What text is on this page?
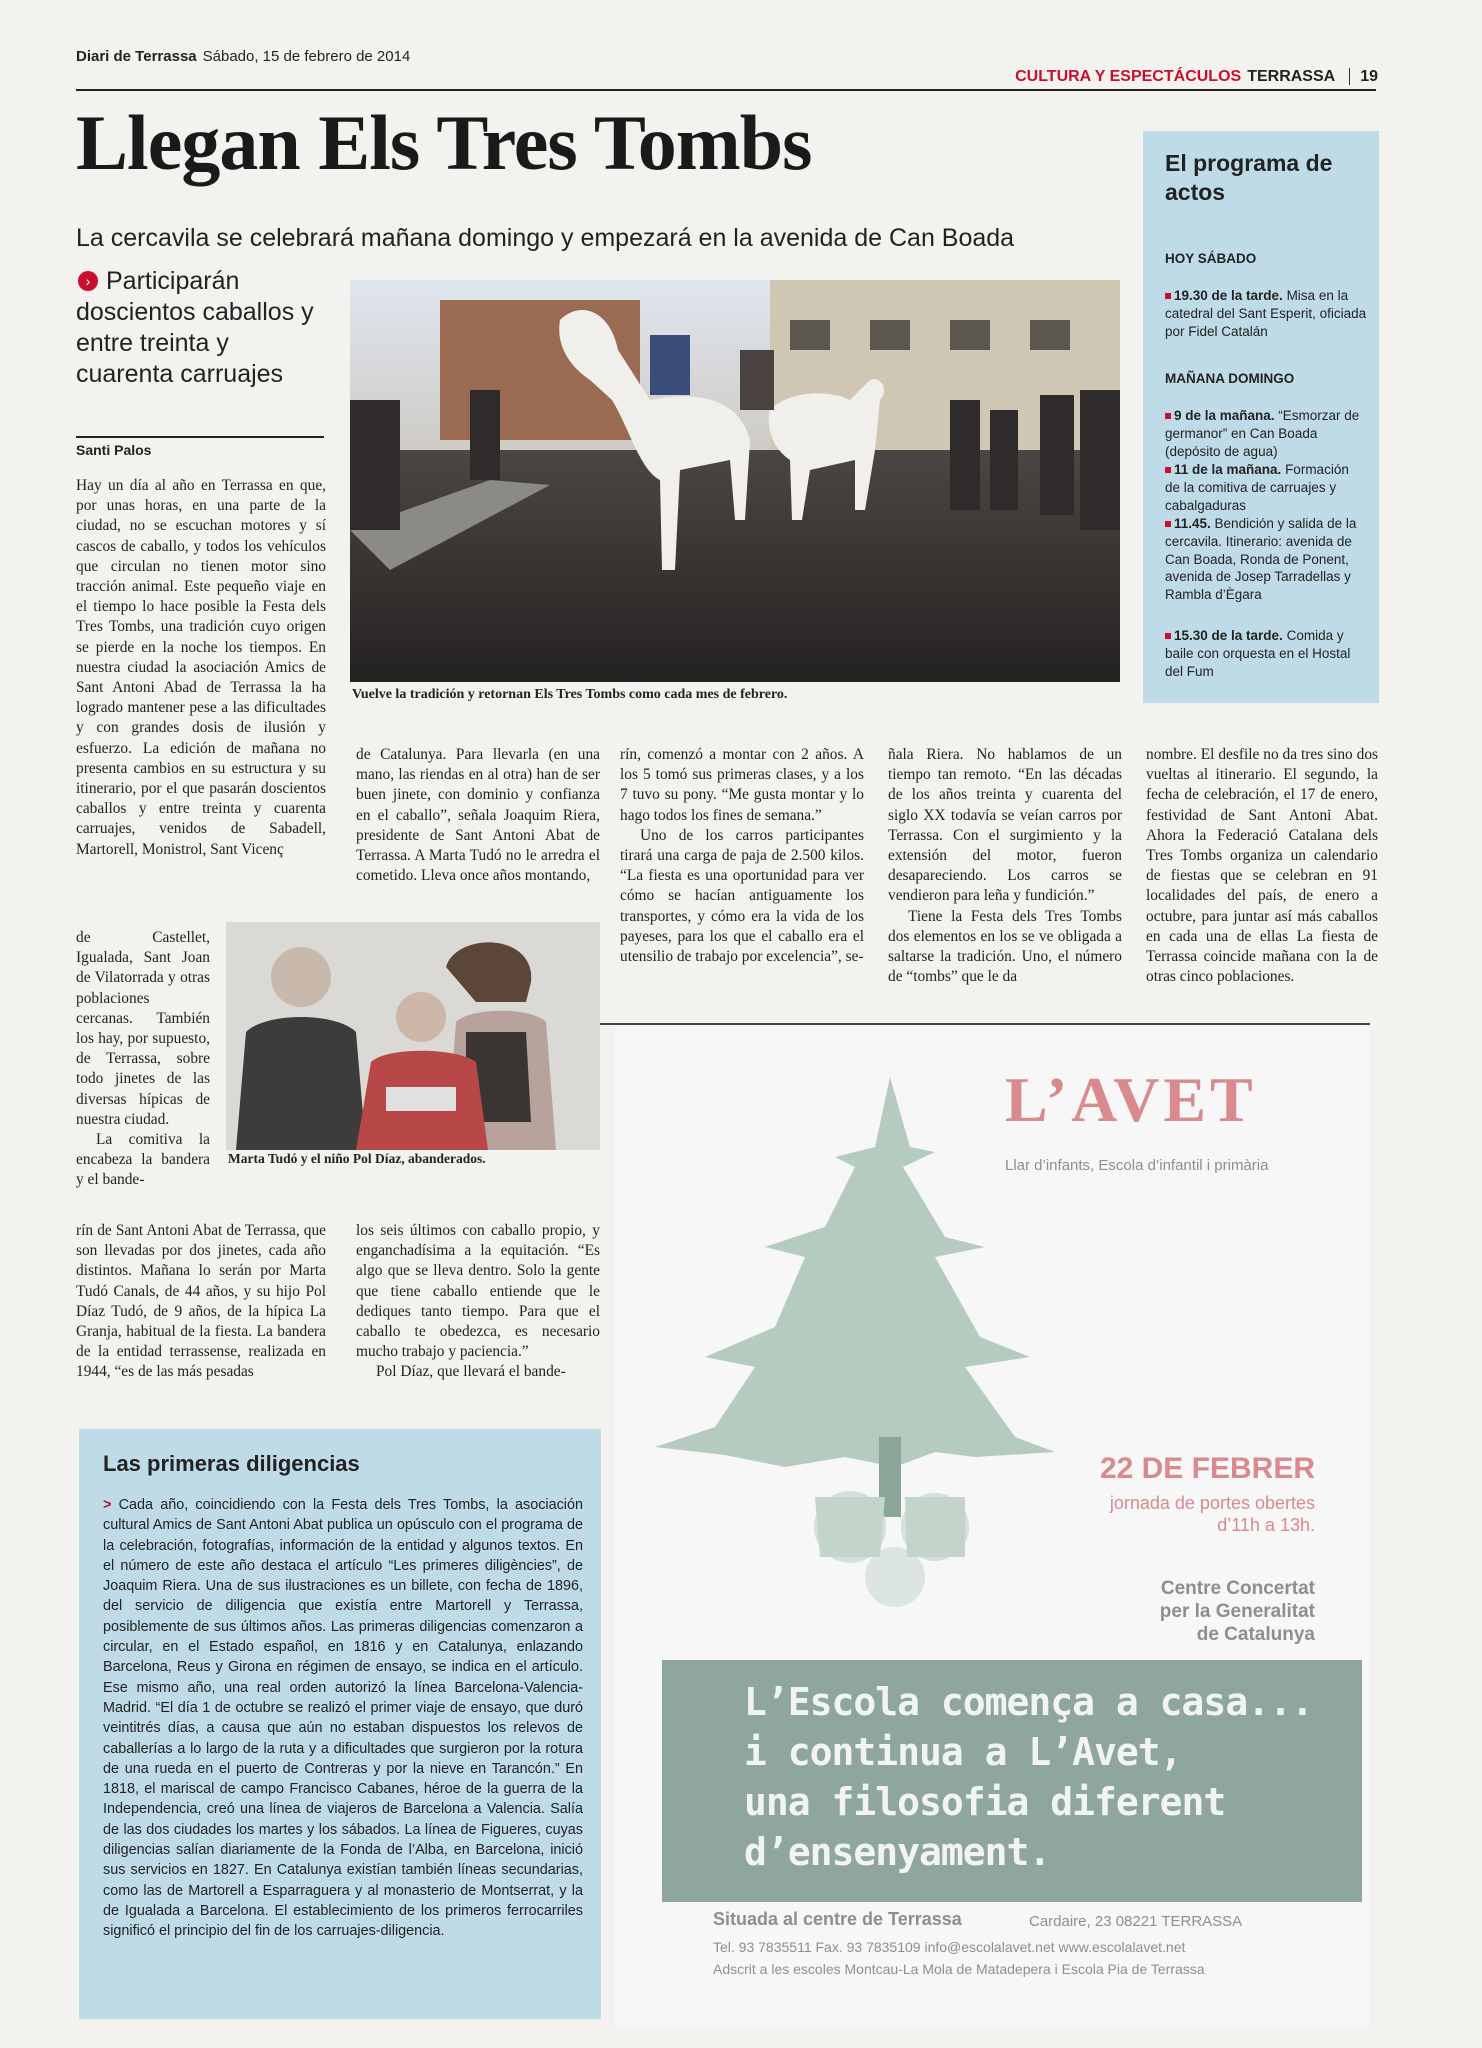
Diari de Terrassa Sábado, 15 de febrero de 2014
CULTURA Y ESPECTÁCULOS TERRASSA 19
Llegan Els Tres Tombs
La cercavila se celebrará mañana domingo y empezará en la avenida de Can Boada
› Participarán doscientos caballos y entre treinta y cuarenta carruajes
Santi Palos
Vuelve la tradición y retornan Els Tres Tombs como cada mes de febrero.

Hay un día al año en Terrassa en que, por unas horas, en una parte de la ciudad, no se escuchan motores y sí cascos de caballo, y todos los vehículos que circulan no tienen motor sino tracción animal. Este pequeño viaje en el tiempo lo hace posible la Festa dels Tres Tombs, una tradición cuyo origen se pierde en la noche los tiempos. En nuestra ciudad la asociación Amics de Sant Antoni Abad de Terrassa la ha logrado mantener pese a las dificultades y con grandes dosis de ilusión y esfuerzo. La edición de mañana no presenta cambios en su estructura y su itinerario, por el que pasarán doscientos caballos y entre treinta y cuarenta carruajes, venidos de Sabadell, Martorell, Monistrol, Sant Vicenç

de Castellet, Igualada, Sant Joan de Vilatorrada y otras poblaciones cercanas. También los hay, por supuesto, de Terrassa, sobre todo jinetes de las diversas hípicas de nuestra ciudad.

La comitiva la encabeza la bandera y el bande-

rín de Sant Antoni Abat de Terrassa, que son llevadas por dos jinetes, cada año distintos. Mañana lo serán por Marta Tudó Canals, de 44 años, y su hijo Pol Díaz Tudó, de 9 años, de la hípica La Granja, habitual de la fiesta. La bandera de la entidad terrassense, realizada en 1944, “es de las más pesadas

de Catalunya. Para llevarla (en una mano, las riendas en al otra) han de ser buen jinete, con dominio y confianza en el caballo”, señala Joaquim Riera, presidente de Sant Antoni Abat de Terrassa. A Marta Tudó no le arredra el cometido. Lleva once años montando,

Marta Tudó y el niño Pol Díaz, abanderados.

los seis últimos con caballo propio, y enganchadísima a la equitación. “Es algo que se lleva dentro. Solo la gente que tiene caballo entiende que le dediques tanto tiempo. Para que el caballo te obedezca, es necesario mucho trabajo y paciencia.”

Pol Díaz, que llevará el bande-

rín, comenzó a montar con 2 años. A los 5 tomó sus primeras clases, y a los 7 tuvo su pony. “Me gusta montar y lo hago todos los fines de semana.”

Uno de los carros participantes tirará una carga de paja de 2.500 kilos. “La fiesta es una oportunidad para ver cómo se hacían antiguamente los transportes, y cómo era la vida de los payeses, para los que el caballo era el utensilio de trabajo por excelencia”, se-

ñala Riera. No hablamos de un tiempo tan remoto. “En las décadas de los años treinta y cuarenta del siglo XX todavía se veían carros por Terrassa. Con el surgimiento y la extensión del motor, fueron desapareciendo. Los carros se vendieron para leña y fundición.”

Tiene la Festa dels Tres Tombs dos elementos en los se ve obligada a saltarse la tradición. Uno, el número de “tombs” que le da

nombre. El desfile no da tres sino dos vueltas al itinerario. El segundo, la fecha de celebración, el 17 de enero, festividad de Sant Antoni Abat. Ahora la Federació Catalana dels Tres Tombs organiza un calendario de fiestas que se celebran en 91 localidades del país, de enero a octubre, para juntar así más caballos en cada una de ellas La fiesta de Terrassa coincide mañana con la de otras cinco poblaciones.

El programa de actos
HOY SÁBADO
19.30 de la tarde. Misa en la catedral del Sant Esperit, oficiada por Fidel Catalán
MAÑANA DOMINGO
9 de la mañana. “Esmorzar de germanor” en Can Boada (depósito de agua)
11 de la mañana. Formación de la comitiva de carruajes y cabalgaduras
11.45. Bendición y salida de la cercavila. Itinerario: avenida de Can Boada, Ronda de Ponent, avenida de Josep Tarradellas y Rambla d’Ègara
15.30 de la tarde. Comida y baile con orquesta en el Hostal del Fum
Las primeras diligencias

> Cada año, coincidiendo con la Festa dels Tres Tombs, la asociación cultural Amics de Sant Antoni Abat publica un opúsculo con el programa de la celebración, fotografías, información de la entidad y algunos textos. En el número de este año destaca el artículo “Les primeres diligències”, de Joaquim Riera. Una de sus ilustraciones es un billete, con fecha de 1896, del servicio de diligencia que existía entre Martorell y Terrassa, posiblemente de sus últimos años. Las primeras diligencias comenzaron a circular, en el Estado español, en 1816 y en Catalunya, enlazando Barcelona, Reus y Girona en régimen de ensayo, se indica en el artículo. Ese mismo año, una real orden autorizó la línea Barcelona-Valencia-Madrid. “El día 1 de octubre se realizó el primer viaje de ensayo, que duró veintitrés días, a causa que aún no estaban dispuestos los relevos de caballerías a lo largo de la ruta y a dificultades que surgieron por la rotura de una rueda en el puerto de Contreras y por la nieve en Tarancón.” En 1818, el mariscal de campo Francisco Cabanes, héroe de la guerra de la Independencia, creó una línea de viajeros de Barcelona a Valencia. Salía de las dos ciudades los martes y los sábados. La línea de Figueres, cuyas diligencias salían diariamente de la Fonda de l’Alba, en Barcelona, inició sus servicios en 1827. En Catalunya existían también líneas secundarias, como las de Martorell a Esparraguera y al monasterio de Montserrat, y la de Igualada a Barcelona. El establecimiento de los primeros ferrocarriles significó el principio del fin de los carruajes-diligencia.

L’AVET
Llar d’infants, Escola d’infantil i primària
22 DE FEBRER
jornada de portes obertes
d’11h a 13h.
Centre Concertat
per la Generalitat
de Catalunya
L’Escola comença a casa...
i continua a L’Avet,
una filosofia diferent
d’ensenyament.
Situada al centre de Terrassa	Cardaire, 23 08221 TERRASSA
Tel. 93 7835511 Fax. 93 7835109 info@escolalavet.net www.escolalavet.net
Adscrit a les escoles Montcau-La Mola de Matadepera i Escola Pia de Terrassa
